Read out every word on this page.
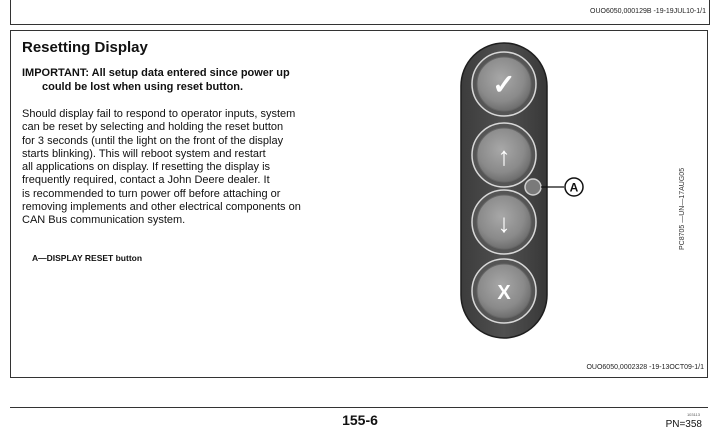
OUO6050,000129B -19-19JUL10-1/1
Resetting Display
IMPORTANT: All setup data entered since power up
could be lost when using reset button.

Should display fail to respond to operator inputs, system
can be reset by selecting and holding the reset button
for 3 seconds (until the light on the front of the display
starts blinking). This will reboot system and restart
all applications on display. If resetting the display is
frequently required, contact a John Deere dealer. It
is recommended to turn power off before attaching or
removing implements and other electrical components on
CAN Bus communication system.

A—DISPLAY RESET button
✓
↑
↓
X
A	PC8705 —UN—17AUG05
OUO6050,0002328 -19-13OCT09-1/1
155-6	103113
PN=358
